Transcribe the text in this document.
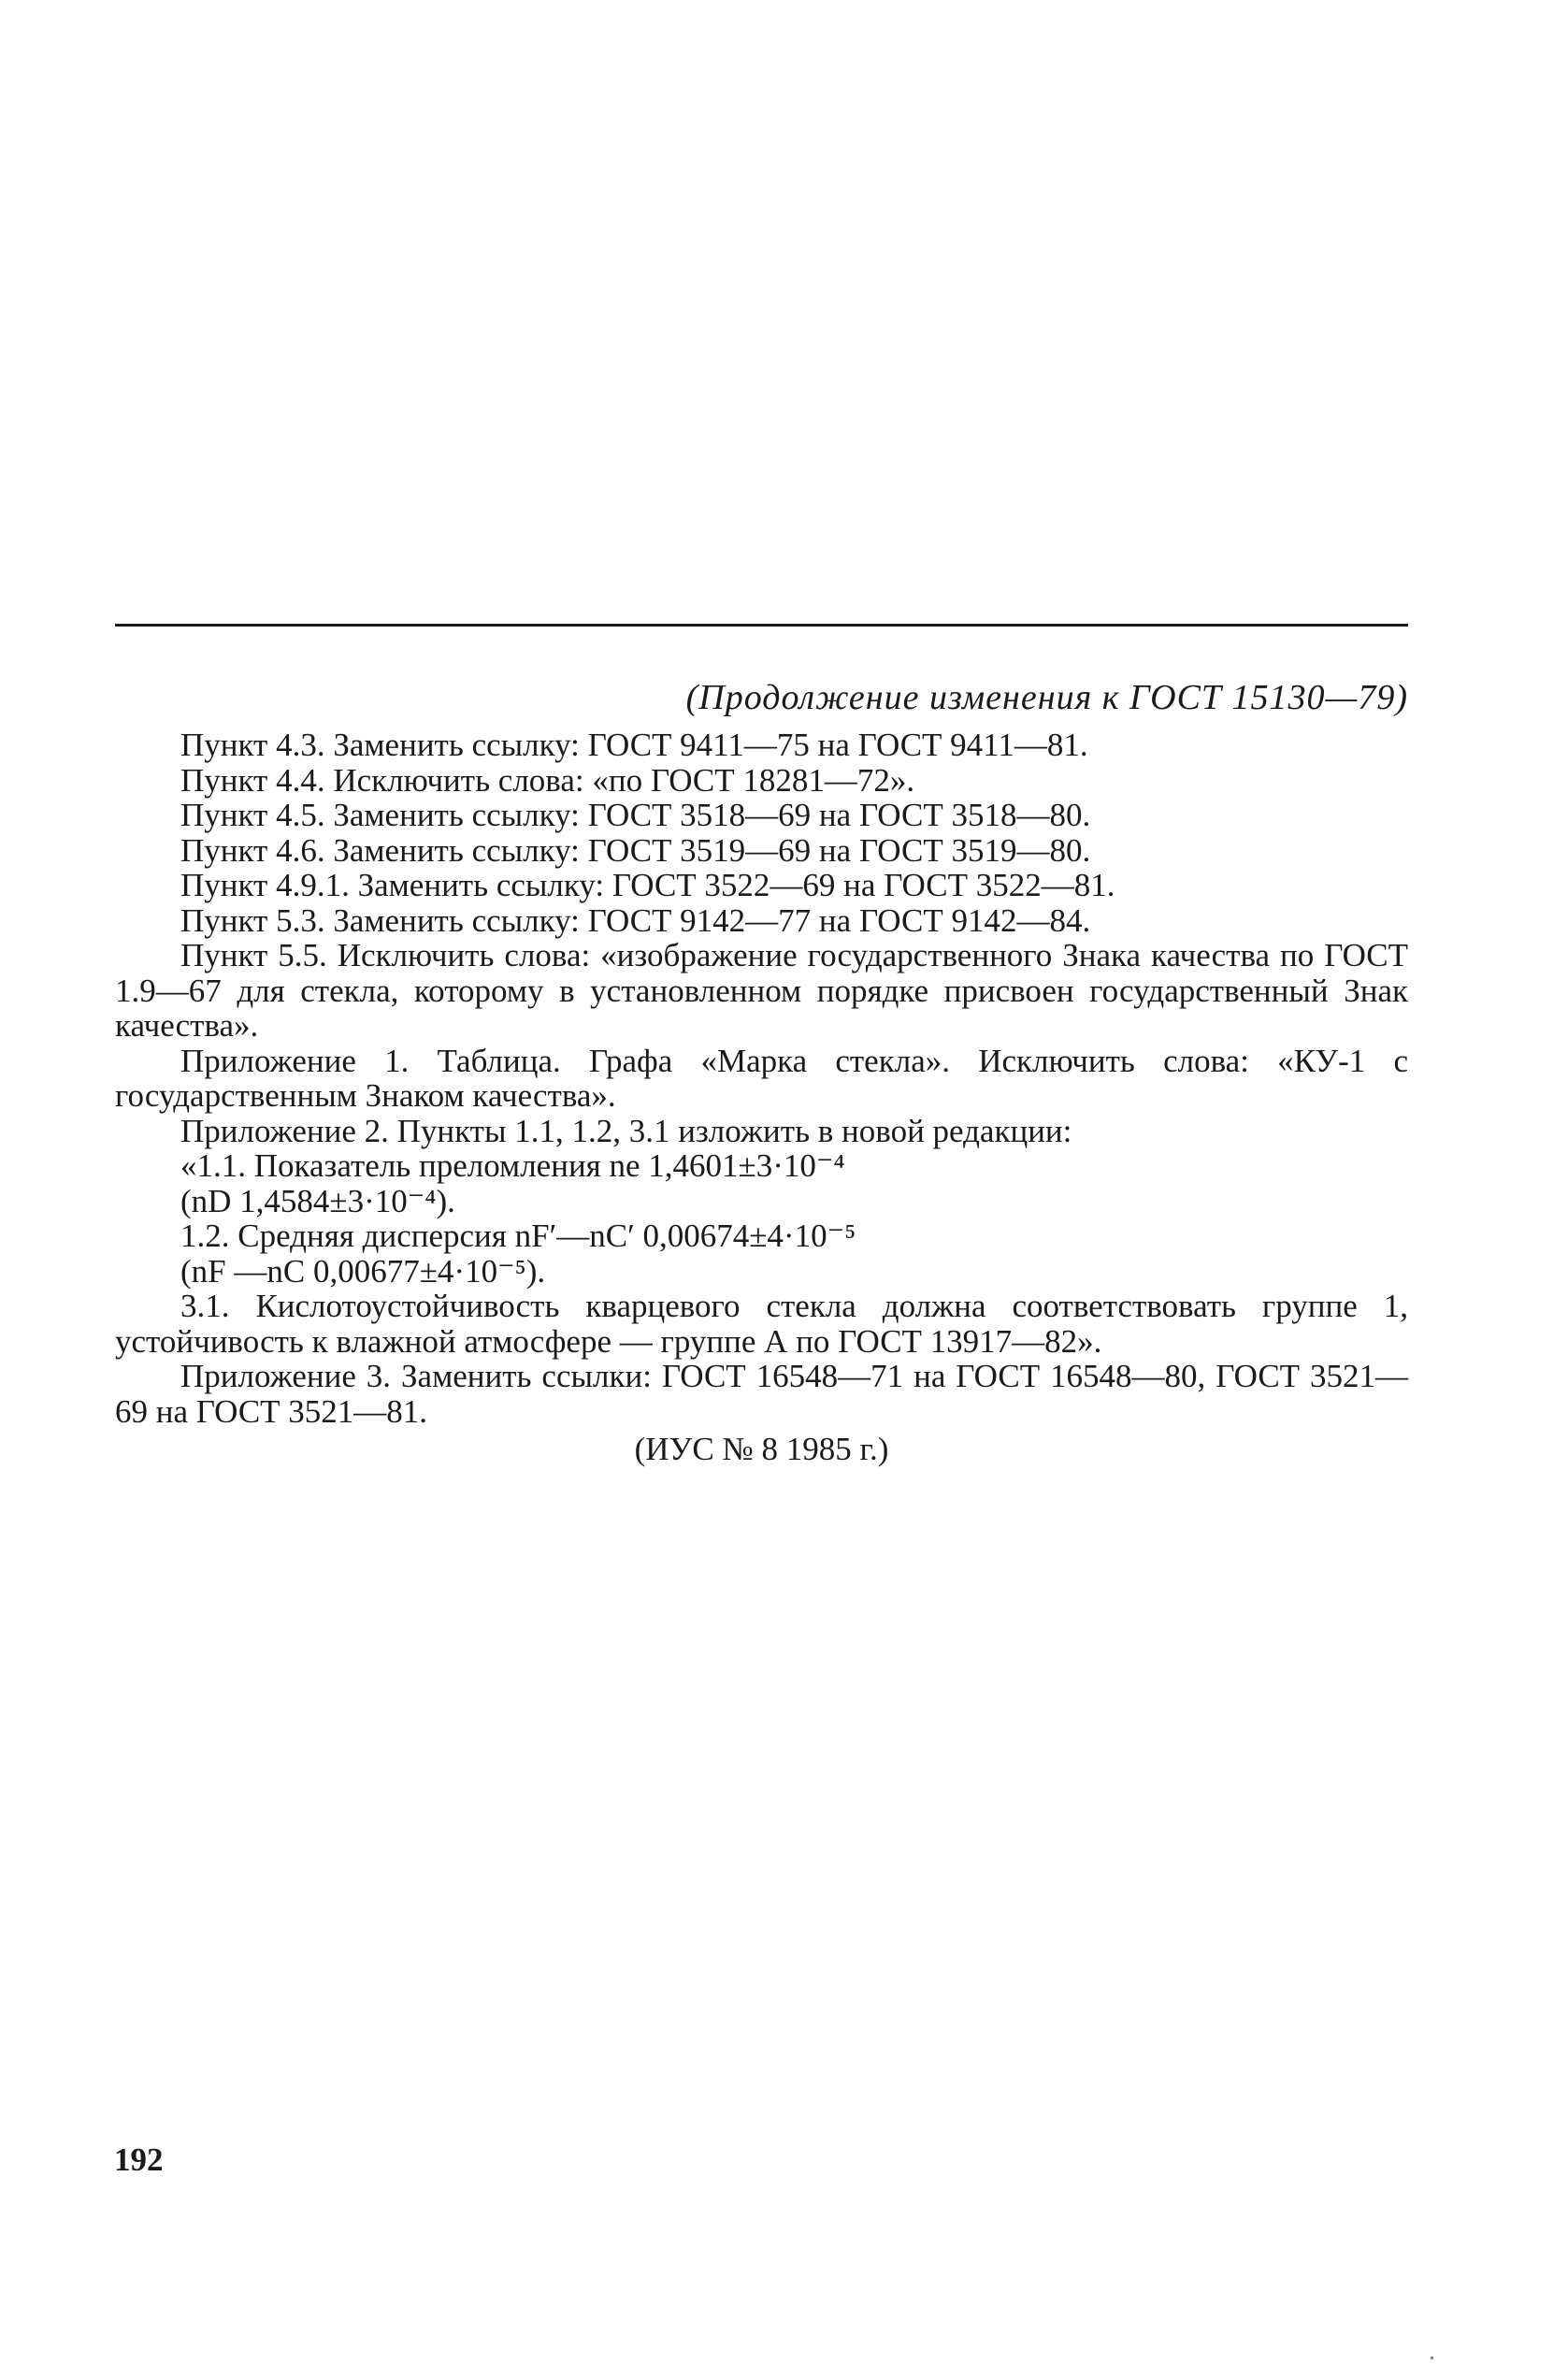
(Продолжение изменения к ГОСТ 15130—79)

Пункт 4.3. Заменить ссылку: ГОСТ 9411—75 на ГОСТ 9411—81.

Пункт 4.4. Исключить слова: «по ГОСТ 18281—72».

Пункт 4.5. Заменить ссылку: ГОСТ 3518—69 на ГОСТ 3518—80.

Пункт 4.6. Заменить ссылку: ГОСТ 3519—69 на ГОСТ 3519—80.

Пункт 4.9.1. Заменить ссылку: ГОСТ 3522—69 на ГОСТ 3522—81.

Пункт 5.3. Заменить ссылку: ГОСТ 9142—77 на ГОСТ 9142—84.

Пункт 5.5. Исключить слова: «изображение государственного Знака качества по ГОСТ 1.9—67 для стекла, которому в установленном порядке присвоен государственный Знак качества».

Приложение 1. Таблица. Графа «Марка стекла». Исключить слова: «КУ-1 с государственным Знаком качества».

Приложение 2. Пункты 1.1, 1.2, 3.1 изложить в новой редакции:

«1.1. Показатель преломления nе 1,4601±3·10⁻⁴

(nD 1,4584±3·10⁻⁴).

1.2. Средняя дисперсия nF′—nC′ 0,00674±4·10⁻⁵

(nF —nC 0,00677±4·10⁻⁵).

3.1. Кислотоустойчивость кварцевого стекла должна соответствовать группе 1, устойчивость к влажной атмосфере — группе А по ГОСТ 13917—82».

Приложение 3. Заменить ссылки: ГОСТ 16548—71 на ГОСТ 16548—80, ГОСТ 3521—69 на ГОСТ 3521—81.

(ИУС № 8 1985 г.)
192
